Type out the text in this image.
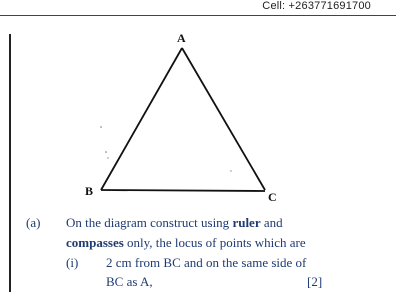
Cell: +263771691700
A
B	C
(a) On the diagram construct using ruler and
compasses only, the locus of points which are
(i) 2 cm from BC and on the same side of
BC as A,	[2]
